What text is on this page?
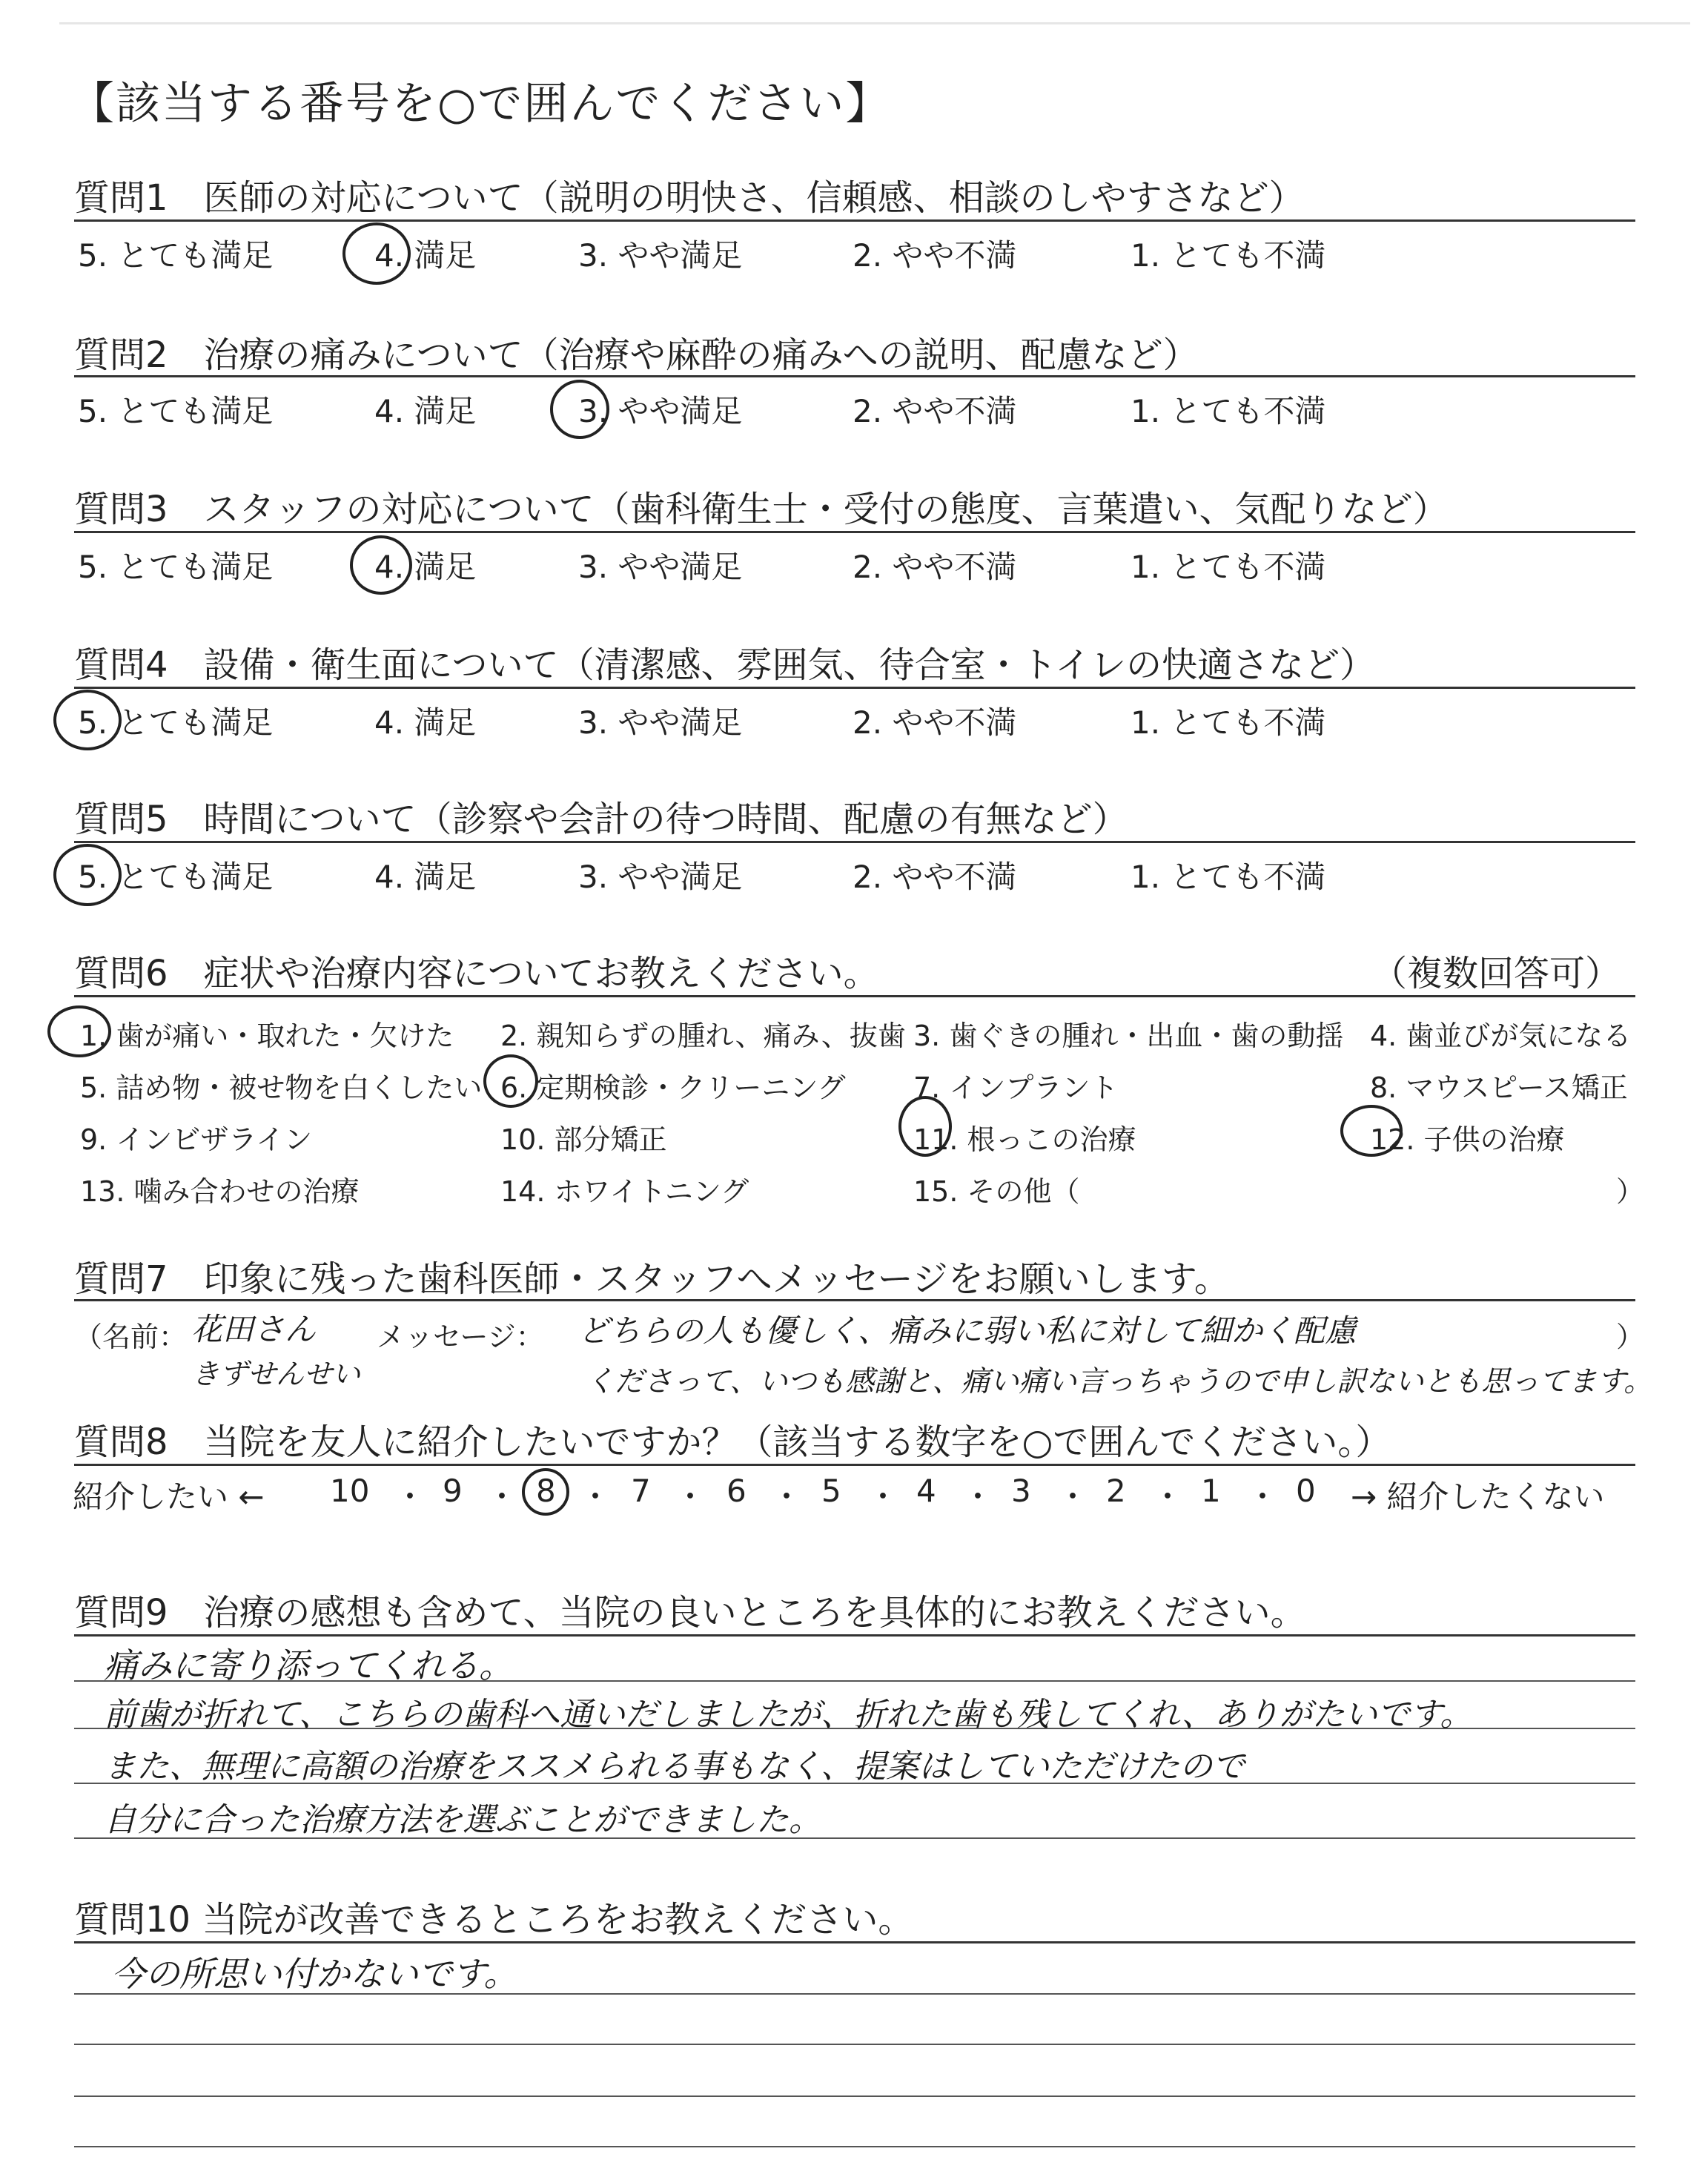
【該当する番号を○で囲んでください】
質問1　医師の対応について（説明の明快さ、信頼感、相談のしやすさなど）
5. とても満足	4. 満足	3. やや満足	2. やや不満	1. とても不満
質問2　治療の痛みについて（治療や麻酔の痛みへの説明、配慮など）
5. とても満足	4. 満足	3. やや満足	2. やや不満	1. とても不満
質問3　スタッフの対応について（歯科衛生士・受付の態度、言葉遣い、気配りなど）
5. とても満足	4. 満足	3. やや満足	2. やや不満	1. とても不満
質問4　設備・衛生面について（清潔感、雰囲気、待合室・トイレの快適さなど）
5. とても満足	4. 満足	3. やや満足	2. やや不満	1. とても不満
質問5　時間について（診察や会計の待つ時間、配慮の有無など）
5. とても満足	4. 満足	3. やや満足	2. やや不満	1. とても不満
質問6　症状や治療内容についてお教えください。	（複数回答可）
1. 歯が痛い・取れた・欠けた 2. 親知らずの腫れ、痛み、抜歯 3. 歯ぐきの腫れ・出血・歯の動揺 4. 歯並びが気になる
5. 詰め物・被せ物を白くしたい 6. 定期検診・クリーニング 7. インプラント	8. マウスピース矯正
9. インビザライン	10. 部分矯正	11. 根っこの治療	12. 子供の治療
13. 噛み合わせの治療	14. ホワイトニング	15. その他（	）
質問7　印象に残った歯科医師・スタッフへメッセージをお願いします。
（名前： 花田さん
きずせんせい
メッセージ： どちらの人も優しく、痛みに弱い私に対して細かく配慮	）
くださって、いつも感謝と、痛い痛い言っちゃうので申し訳ないとも思ってます。
質問8　当院を友人に紹介したいですか？（該当する数字を○で囲んでください。）
紹介したい ← 10 ・ 9 ・ 8 ・ 7 ・ 6 ・ 5 ・ 4 ・ 3 ・ 2 ・ 1 ・ 0 → 紹介したくない
質問9　治療の感想も含めて、当院の良いところを具体的にお教えください。
痛みに寄り添ってくれる。
前歯が折れて、こちらの歯科へ通いだしましたが、折れた歯も残してくれ、ありがたいです。
また、無理に高額の治療をススメられる事もなく、提案はしていただけたので
自分に合った治療方法を選ぶことができました。
質問10 当院が改善できるところをお教えください。
今の所思い付かないです。
